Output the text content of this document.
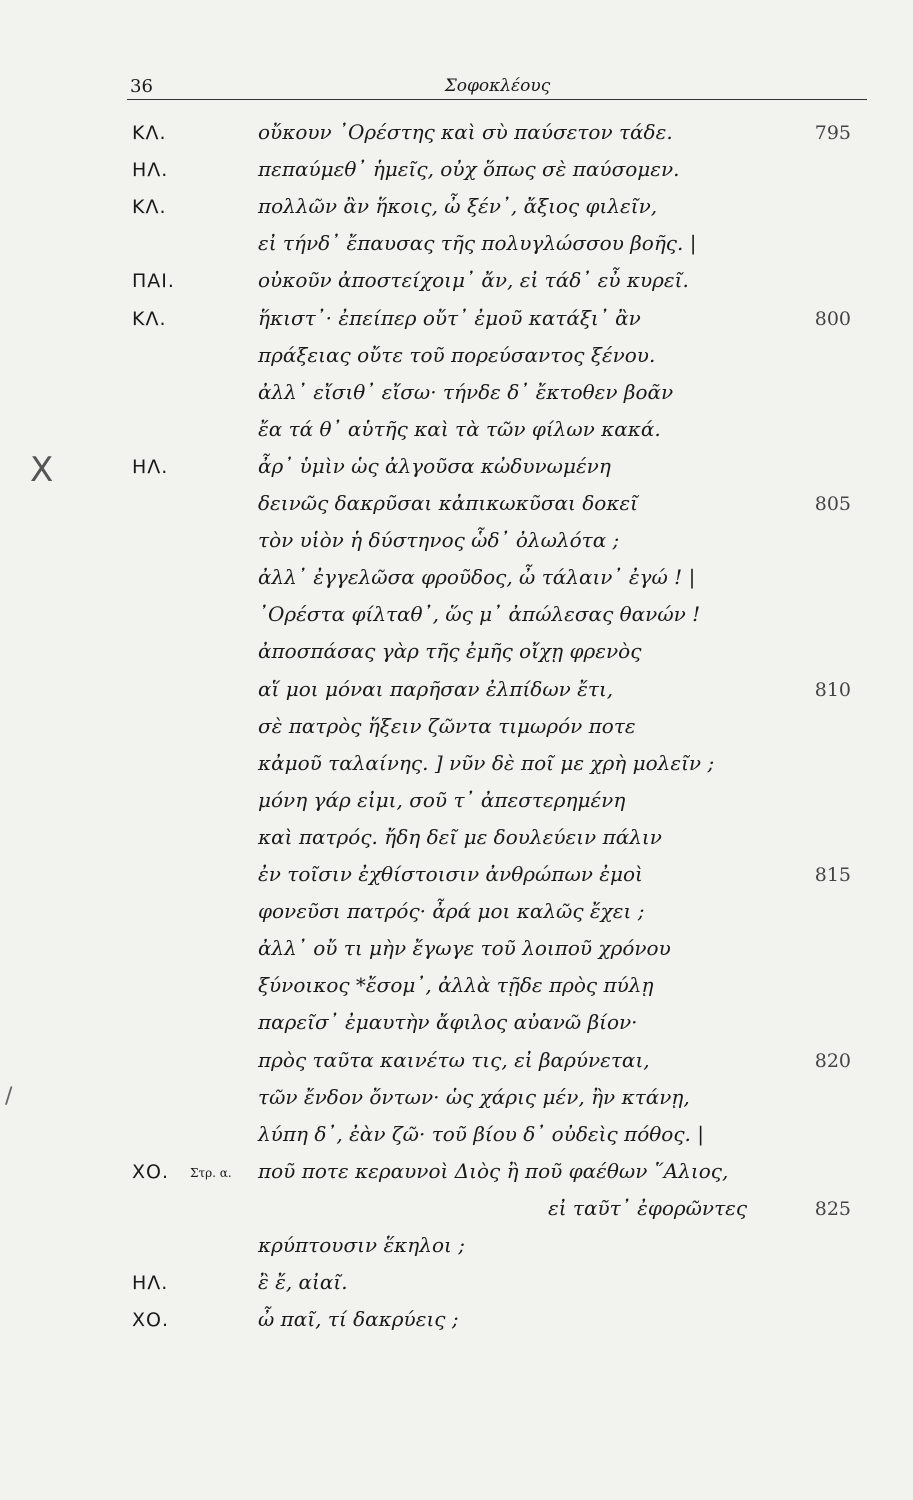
36	Σοφοκλέους
ΚΛ.	οὔκουν ᾿Ορέστης καὶ σὺ παύσετον τάδε.	795
ΗΛ.	πεπαύμεθ᾿ ἡμεῖς, οὐχ ὅπως σὲ παύσομεν.
ΚΛ.	πολλῶν ἂν ἥκοις, ὦ ξέν᾿, ἄξιος φιλεῖν,
εἰ τήνδ᾿ ἔπαυσας τῆς πολυγλώσσου βοῆς. |
ΠΑΙ.	οὐκοῦν ἀποστείχοιμ᾿ ἄν, εἰ τάδ᾿ εὖ κυρεῖ.
ΚΛ.	ἥκιστ᾿· ἐπείπερ οὔτ᾿ ἐμοῦ κατάξι᾿ ἂν	800
πράξειας οὔτε τοῦ πορεύσαντος ξένου.
ἀλλ᾿ εἴσιθ᾿ εἴσω· τήνδε δ᾿ ἔκτοθεν βοᾶν
ἔα τά θ᾿ αὑτῆς καὶ τὰ τῶν φίλων κακά.
ΗΛ.	ἆρ᾿ ὑμὶν ὡς ἀλγοῦσα κὠδυνωμένη
δεινῶς δακρῦσαι κἀπικωκῦσαι δοκεῖ	805
τὸν υἱὸν ἡ δύστηνος ὧδ᾿ ὀλωλότα ;
ἀλλ᾿ ἐγγελῶσα φροῦδος, ὦ τάλαιν᾿ ἐγώ ! |
᾿Ορέστα φίλταθ᾿, ὥς μ᾿ ἀπώλεσας θανών !
ἀποσπάσας γὰρ τῆς ἐμῆς οἴχῃ φρενὸς
αἵ μοι μόναι παρῆσαν ἐλπίδων ἔτι,	810
σὲ πατρὸς ἥξειν ζῶντα τιμωρόν ποτε
κἀμοῦ ταλαίνης. ] νῦν δὲ ποῖ με χρὴ μολεῖν ;
μόνη γάρ εἰμι, σοῦ τ᾿ ἀπεστερημένη
καὶ πατρός. ἤδη δεῖ με δουλεύειν πάλιν
ἐν τοῖσιν ἐχθίστοισιν ἀνθρώπων ἐμοὶ	815
φονεῦσι πατρός· ἆρά μοι καλῶς ἔχει ;
ἀλλ᾿ οὔ τι μὴν ἔγωγε τοῦ λοιποῦ χρόνου
ξύνοικος *ἔσομ᾿, ἀλλὰ τῇδε πρὸς πύλῃ
παρεῖσ᾿ ἐμαυτὴν ἄφιλος αὐανῶ βίον·
πρὸς ταῦτα καινέτω τις, εἰ βαρύνεται,	820
τῶν ἔνδον ὄντων· ὡς χάρις μέν, ἢν κτάνῃ,
λύπη δ᾿, ἐὰν ζῶ· τοῦ βίου δ᾿ οὐδεὶς πόθος. |
ΧΟ. Στρ. α. ποῦ ποτε κεραυνοὶ Διὸς ἢ ποῦ φαέθων ῞Αλιος,
εἰ ταῦτ᾿ ἐφορῶντες	825
κρύπτουσιν ἕκηλοι ;
ΗΛ.	ἒ ἔ, αἰαῖ.
ΧΟ.	ὦ παῖ, τί δακρύεις ;
X
/
